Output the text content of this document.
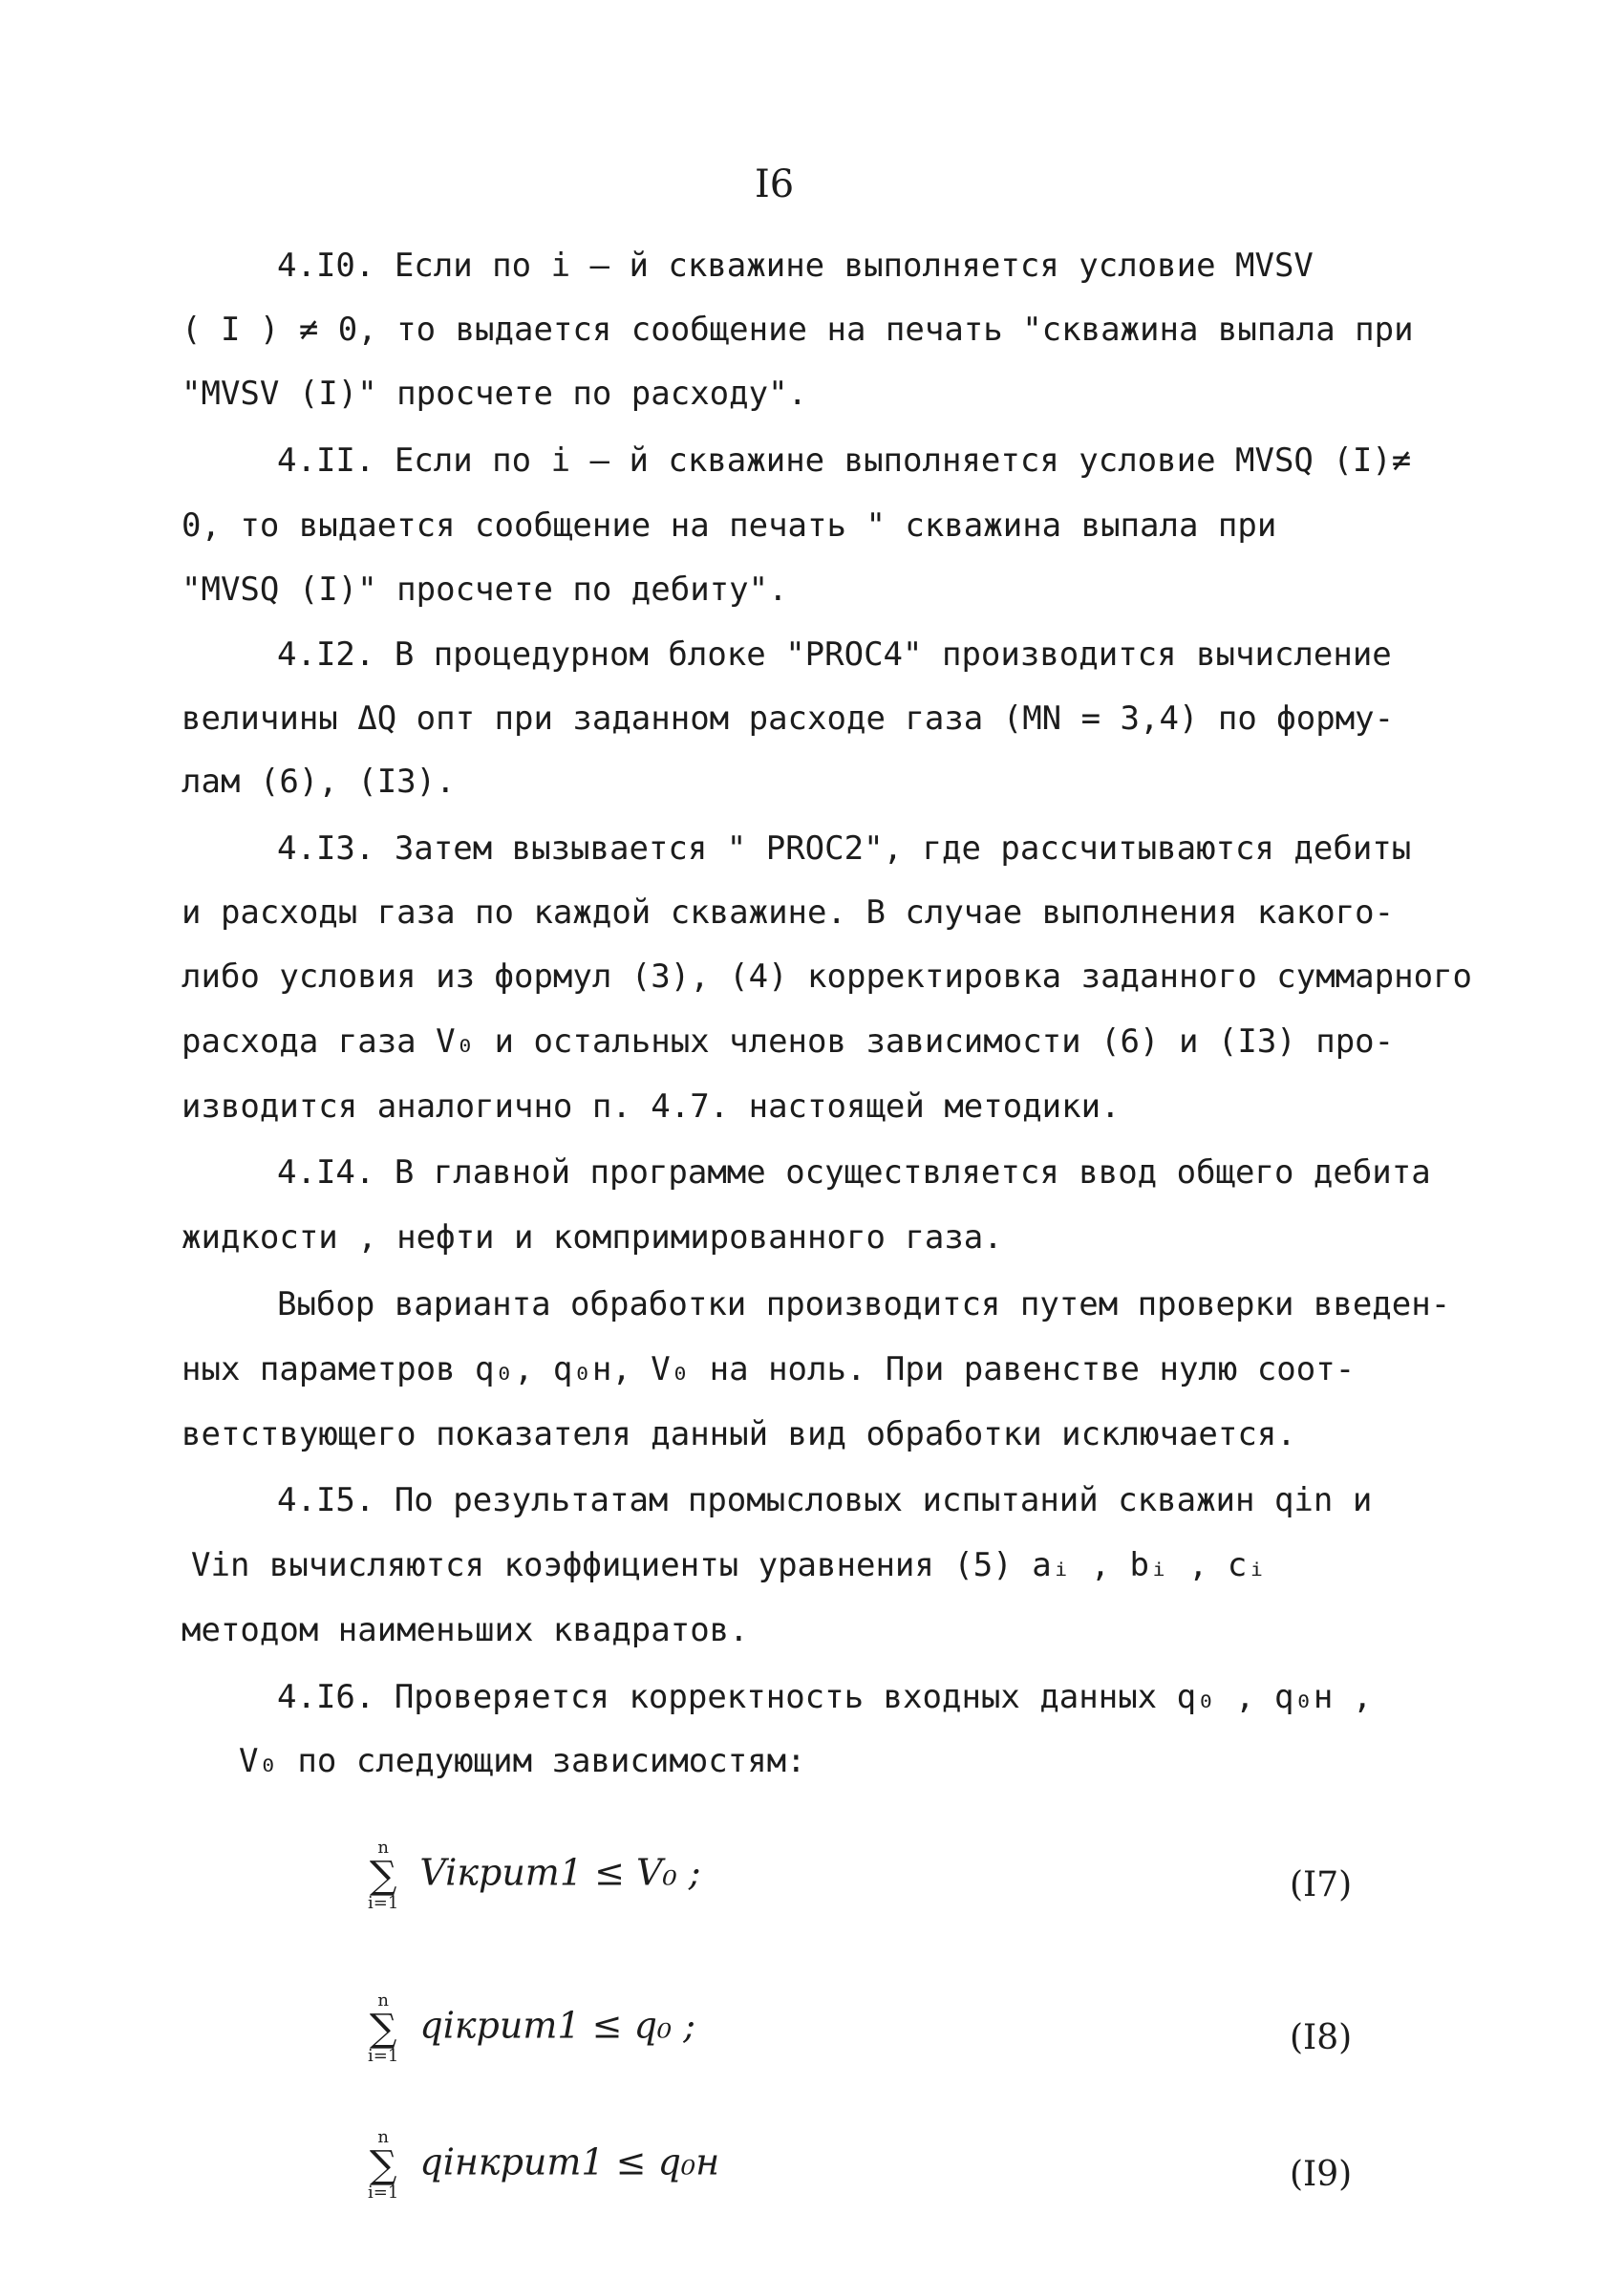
I6
4.I0. Если по i – й скважине выполняется условие MVSV
( I ) ≠ 0, то выдается сообщение на печать "скважина выпала при
"MVSV (I)" просчете по расходу".
4.II. Если по i – й скважине выполняется условие MVSQ (I)≠
0, то выдается сообщение на печать " скважина выпала при
"MVSQ (I)" просчете по дебиту".
4.I2. В процедурном блоке "PROC4" производится вычисление
величины ΔQ опт при заданном расходе газа (MN = 3,4) по форму-
лам (6), (I3).
4.I3. Затем вызывается " PROC2", где рассчитываются дебиты
и расходы газа по каждой скважине. В случае выполнения какого-
либо условия из формул (3), (4) корректировка заданного суммарного
расхода газа V₀ и остальных членов зависимости (6) и (I3) про-
изводится аналогично п. 4.7. настоящей методики.
4.I4. В главной программе осуществляется ввод общего дебита
жидкости , нефти и компримированного газа.
Выбор варианта обработки производится путем проверки введен-
ных параметров q₀, q₀н, V₀ на ноль. При равенстве нулю соот-
ветствующего показателя данный вид обработки исключается.
4.I5. По результатам промысловых испытаний скважин qin и
Vin вычисляются коэффициенты уравнения (5) aᵢ , bᵢ , cᵢ
методом наименьших квадратов.
4.I6. Проверяется корректность входных данных q₀ , q₀н ,
V₀ по следующим зависимостям:
n
∑
i=1
Viкрит1 ≤ V₀ ;	(I7)
n
∑
i=1
qiкрит1 ≤ q₀ ;	(I8)
n
∑
i=1
qiнкрит1 ≤ q₀н	(I9)
